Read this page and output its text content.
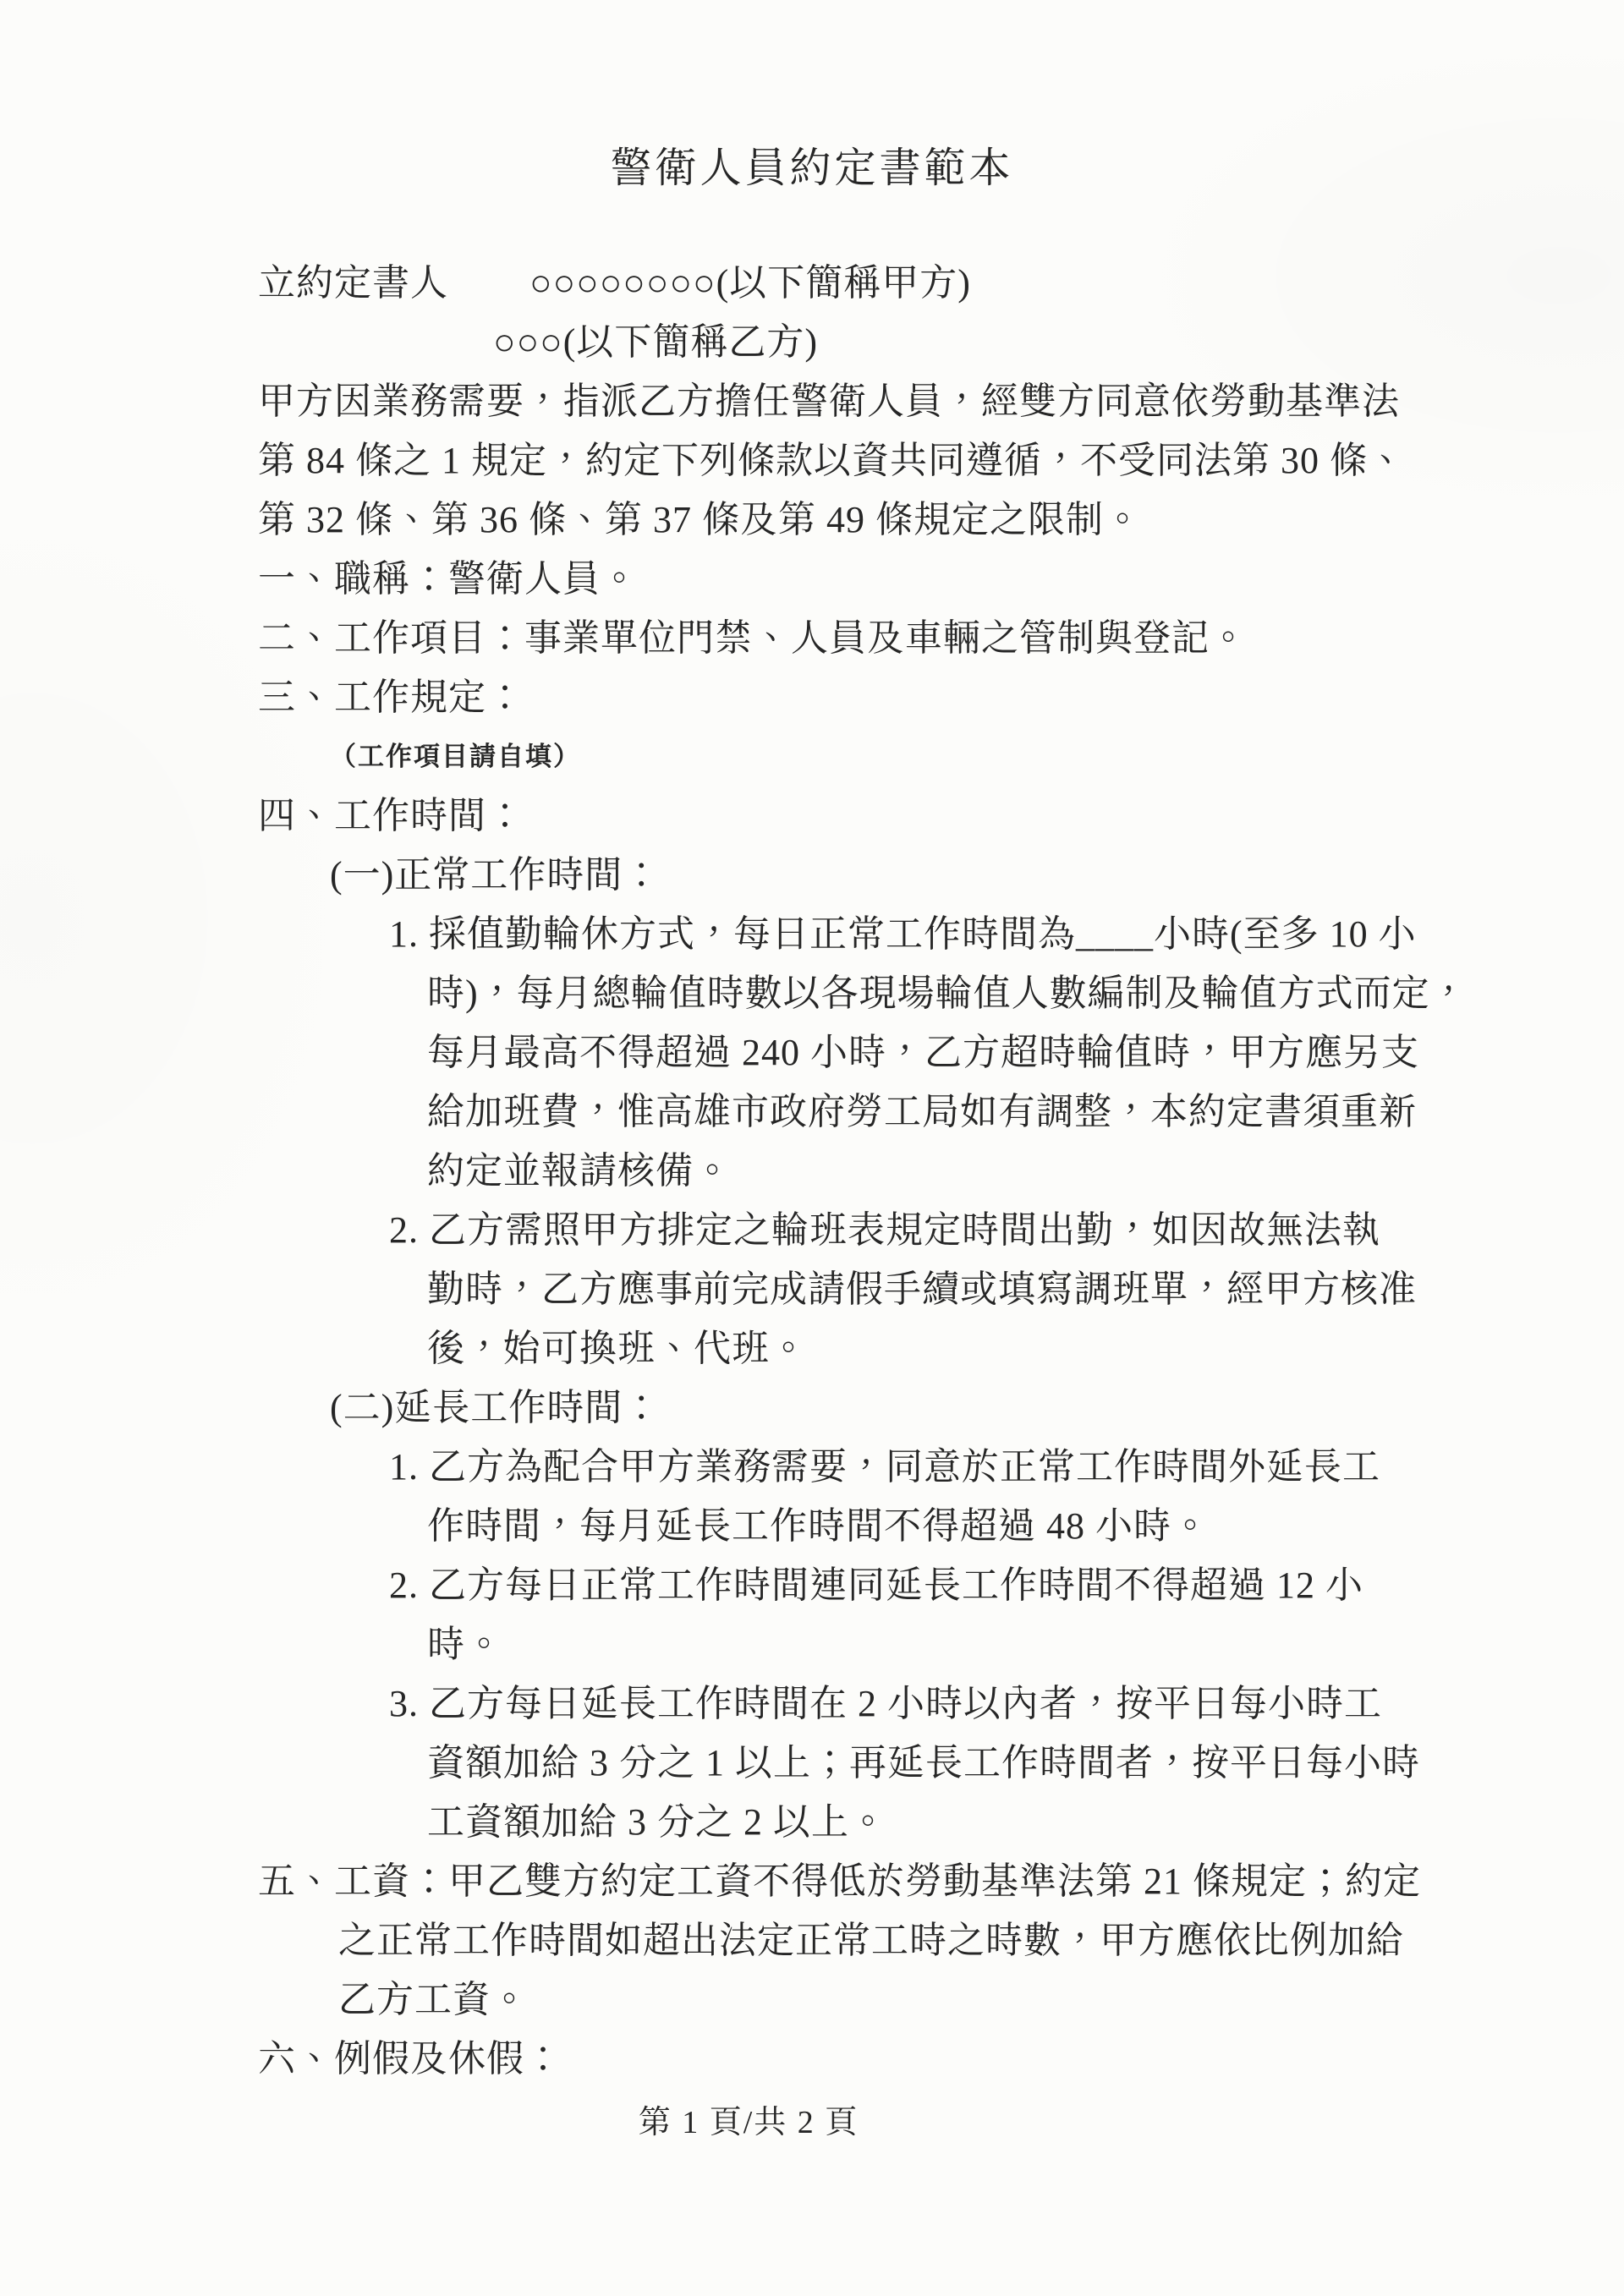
警衛人員約定書範本
立約定書人 ○○○○○○○○(以下簡稱甲方)
○○○(以下簡稱乙方)
甲方因業務需要，指派乙方擔任警衛人員，經雙方同意依勞動基準法
第 84 條之 1 規定，約定下列條款以資共同遵循，不受同法第 30 條、
第 32 條、第 36 條、第 37 條及第 49 條規定之限制。
一、職稱：警衛人員。
二、工作項目：事業單位門禁、人員及車輛之管制與登記。
三、工作規定：
（工作項目請自填）
四、工作時間：
(一)正常工作時間：
1. 採值勤輪休方式，每日正常工作時間為____小時(至多 10 小
時)，每月總輪值時數以各現場輪值人數編制及輪值方式而定，
每月最高不得超過 240 小時，乙方超時輪值時，甲方應另支
給加班費，惟高雄市政府勞工局如有調整，本約定書須重新
約定並報請核備。
2. 乙方需照甲方排定之輪班表規定時間出勤，如因故無法執
勤時，乙方應事前完成請假手續或填寫調班單，經甲方核准
後，始可換班、代班。
(二)延長工作時間：
1. 乙方為配合甲方業務需要，同意於正常工作時間外延長工
作時間，每月延長工作時間不得超過 48 小時。
2. 乙方每日正常工作時間連同延長工作時間不得超過 12 小
時。
3. 乙方每日延長工作時間在 2 小時以內者，按平日每小時工
資額加給 3 分之 1 以上；再延長工作時間者，按平日每小時
工資額加給 3 分之 2 以上。
五、工資：甲乙雙方約定工資不得低於勞動基準法第 21 條規定；約定
之正常工作時間如超出法定正常工時之時數，甲方應依比例加給
乙方工資。
六、例假及休假：
第 1 頁/共 2 頁
